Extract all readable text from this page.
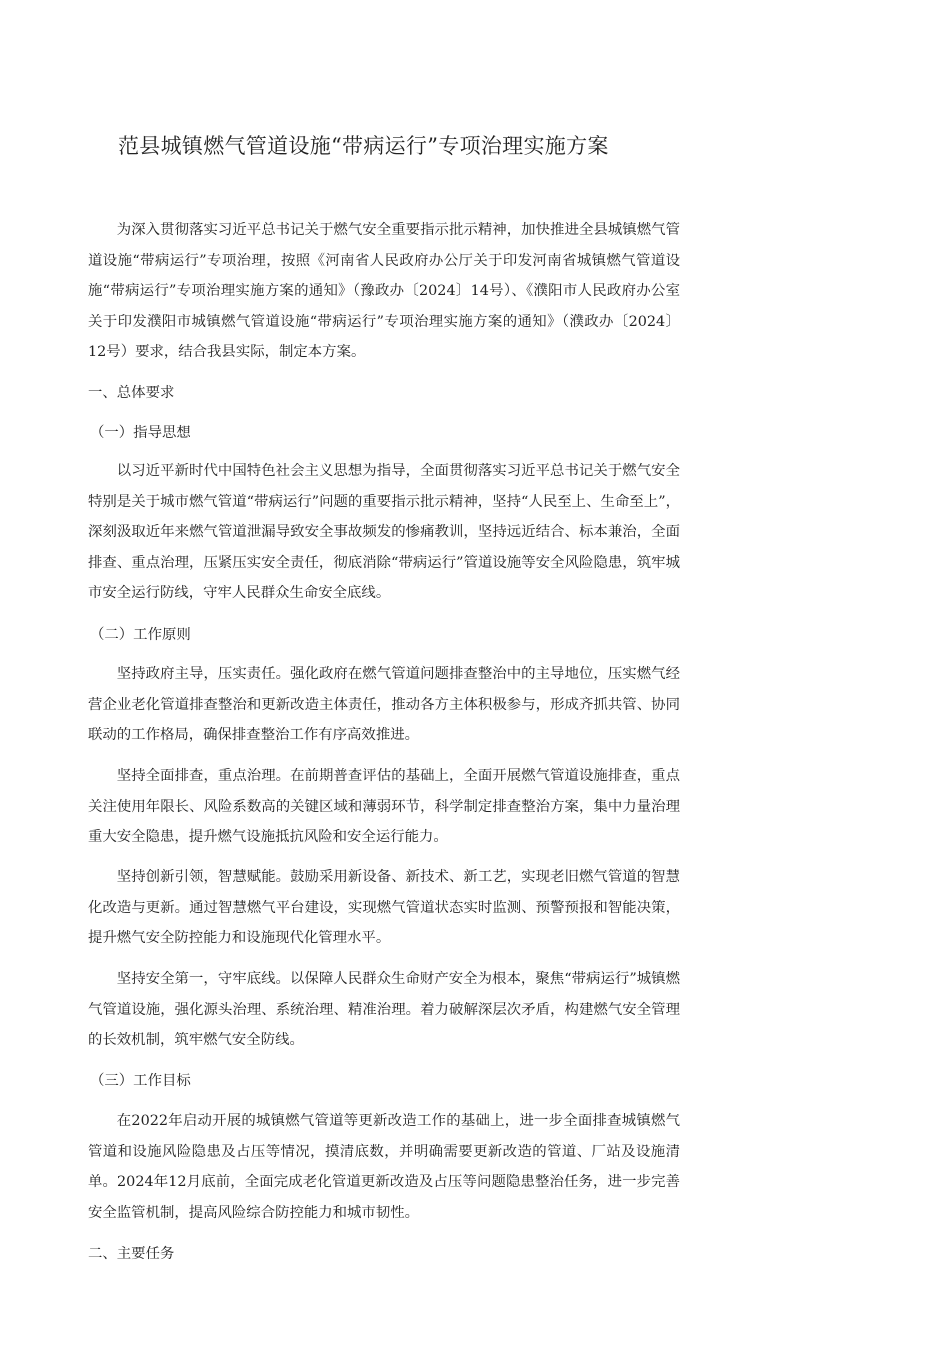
范县城镇燃气管道设施“带病运行”专项治理实施方案

为深入贯彻落实习近平总书记关于燃气安全重要指示批示精神，加快推进全县城镇燃气管道设施“带病运行”专项治理，按照《河南省人民政府办公厅关于印发河南省城镇燃气管道设施“带病运行”专项治理实施方案的通知》（豫政办〔2024〕14号）、《濮阳市人民政府办公室关于印发濮阳市城镇燃气管道设施“带病运行”专项治理实施方案的通知》（濮政办〔2024〕12号）要求，结合我县实际，制定本方案。

一、总体要求

（一）指导思想

以习近平新时代中国特色社会主义思想为指导，全面贯彻落实习近平总书记关于燃气安全特别是关于城市燃气管道“带病运行”问题的重要指示批示精神，坚持“人民至上、生命至上”，深刻汲取近年来燃气管道泄漏导致安全事故频发的惨痛教训，坚持远近结合、标本兼治，全面排查、重点治理，压紧压实安全责任，彻底消除“带病运行”管道设施等安全风险隐患，筑牢城市安全运行防线，守牢人民群众生命安全底线。

（二）工作原则

坚持政府主导，压实责任。强化政府在燃气管道问题排查整治中的主导地位，压实燃气经营企业老化管道排查整治和更新改造主体责任，推动各方主体积极参与，形成齐抓共管、协同联动的工作格局，确保排查整治工作有序高效推进。

坚持全面排查，重点治理。在前期普查评估的基础上，全面开展燃气管道设施排查，重点关注使用年限长、风险系数高的关键区域和薄弱环节，科学制定排查整治方案，集中力量治理重大安全隐患，提升燃气设施抵抗风险和安全运行能力。

坚持创新引领，智慧赋能。鼓励采用新设备、新技术、新工艺，实现老旧燃气管道的智慧化改造与更新。通过智慧燃气平台建设，实现燃气管道状态实时监测、预警预报和智能决策，提升燃气安全防控能力和设施现代化管理水平。

坚持安全第一，守牢底线。以保障人民群众生命财产安全为根本，聚焦“带病运行”城镇燃气管道设施，强化源头治理、系统治理、精准治理。着力破解深层次矛盾，构建燃气安全管理的长效机制，筑牢燃气安全防线。

（三）工作目标

在2022年启动开展的城镇燃气管道等更新改造工作的基础上，进一步全面排查城镇燃气管道和设施风险隐患及占压等情况，摸清底数，并明确需要更新改造的管道、厂站及设施清单。2024年12月底前，全面完成老化管道更新改造及占压等问题隐患整治任务，进一步完善安全监管机制，提高风险综合防控能力和城市韧性。

二、主要任务
